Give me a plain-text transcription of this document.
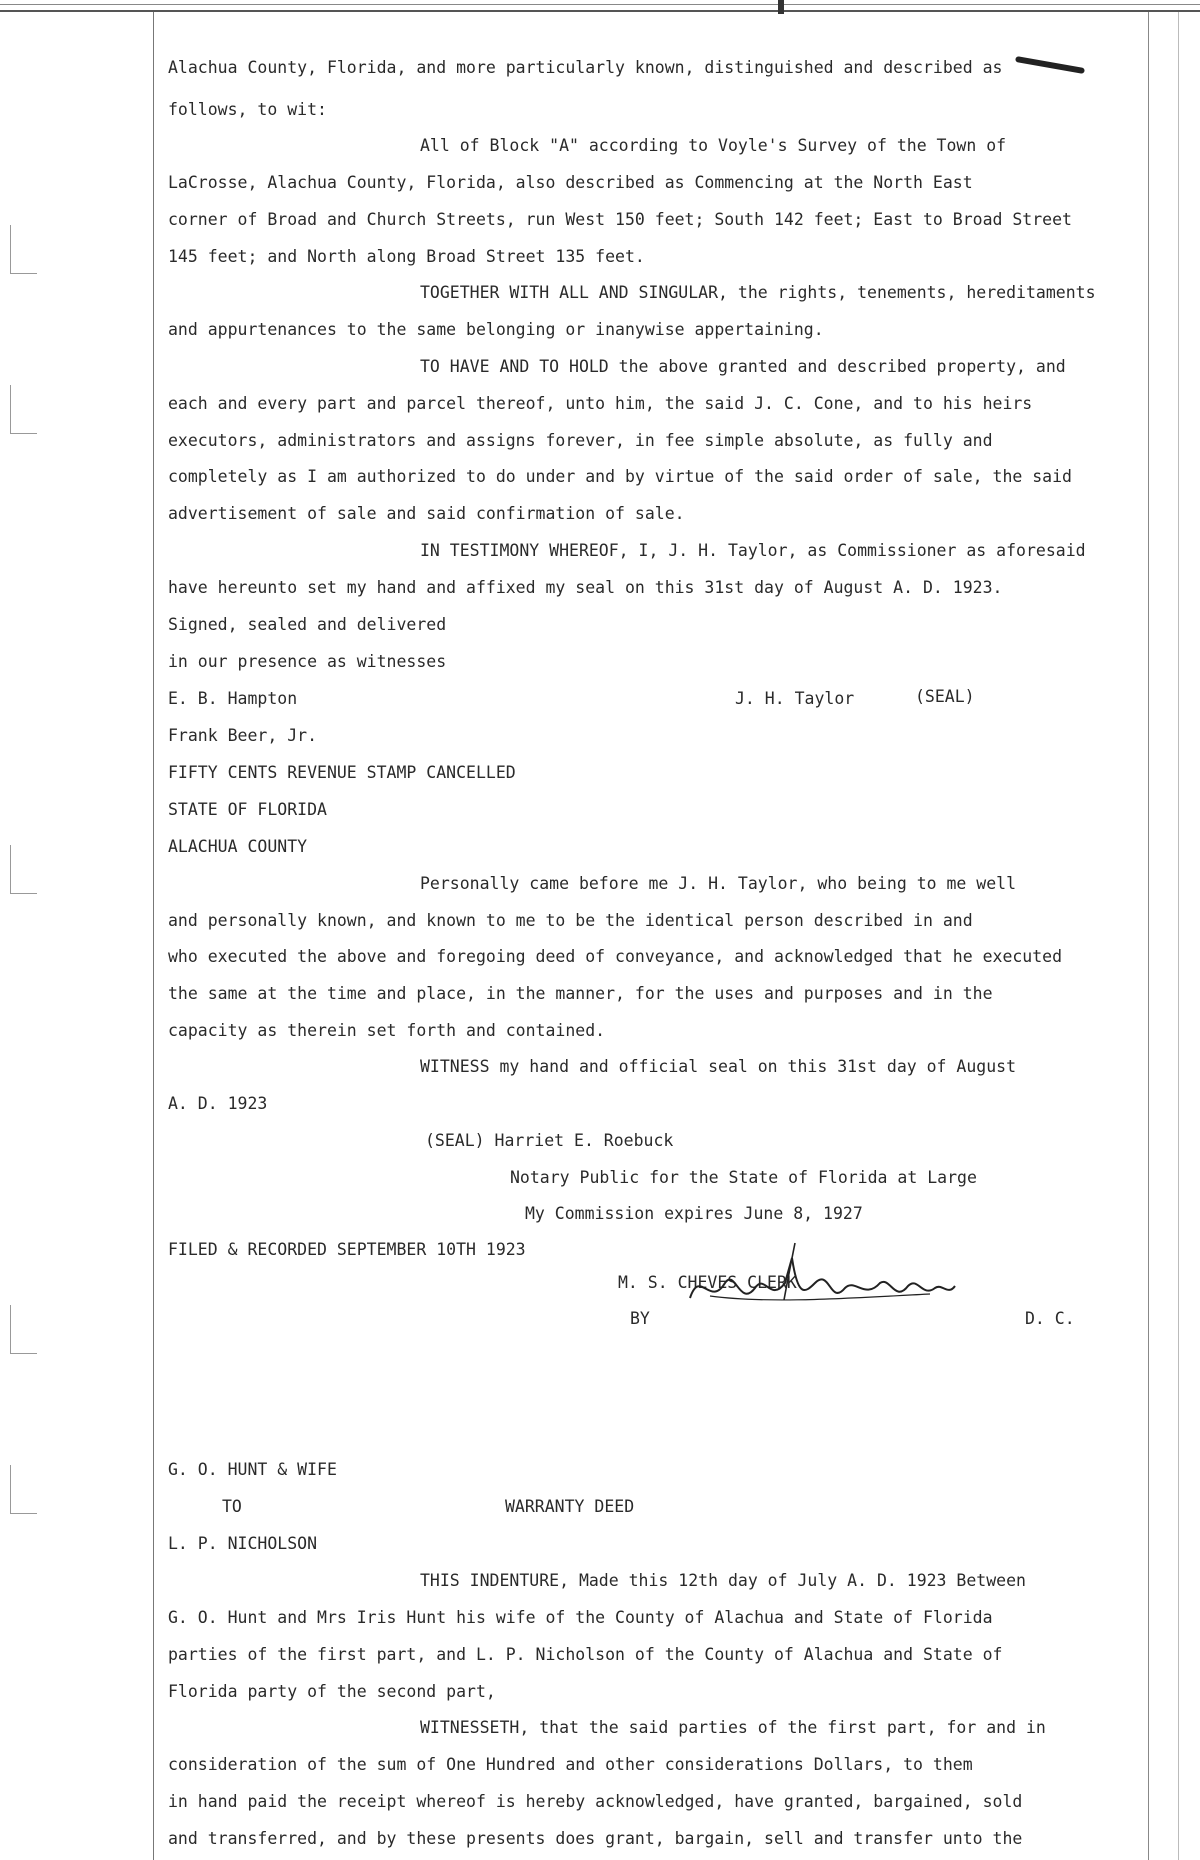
Alachua County, Florida, and more particularly known, distinguished and described as
follows, to wit:
All of Block "A" according to Voyle's Survey of the Town of
LaCrosse, Alachua County, Florida, also described as Commencing at the North East
corner of Broad and Church Streets, run West 150 feet; South 142 feet; East to Broad Street
145 feet; and North along Broad Street 135 feet.
TOGETHER WITH ALL AND SINGULAR, the rights, tenements, hereditaments
and appurtenances to the same belonging or inanywise appertaining.
TO HAVE AND TO HOLD the above granted and described property, and
each and every part and parcel thereof, unto him, the said J. C. Cone, and to his heirs
executors, administrators and assigns forever, in fee simple absolute, as fully and
completely as I am authorized to do under and by virtue of the said order of sale, the said
advertisement of sale and said confirmation of sale.
IN TESTIMONY WHEREOF, I, J. H. Taylor, as Commissioner as aforesaid
have hereunto set my hand and affixed my seal on this 31st day of August A. D. 1923.
Signed, sealed and delivered
in our presence as witnesses
E. B. Hampton	J. H. Taylor	(SEAL)
Frank Beer, Jr.
FIFTY CENTS REVENUE STAMP CANCELLED
STATE OF FLORIDA
ALACHUA COUNTY
Personally came before me J. H. Taylor, who being to me well
and personally known, and known to me to be the identical person described in and
who executed the above and foregoing deed of conveyance, and acknowledged that he executed
the same at the time and place, in the manner, for the uses and purposes and in the
capacity as therein set forth and contained.
WITNESS my hand and official seal on this 31st day of August
A. D. 1923
(SEAL) Harriet E. Roebuck
Notary Public for the State of Florida at Large
My Commission expires June 8, 1927
FILED & RECORDED SEPTEMBER 10TH 1923
M. S. CHEVES CLERK
BY	D. C.
G. O. HUNT & WIFE
TO	WARRANTY DEED
L. P. NICHOLSON
THIS INDENTURE, Made this 12th day of July A. D. 1923 Between
G. O. Hunt and Mrs Iris Hunt his wife of the County of Alachua and State of Florida
parties of the first part, and L. P. Nicholson of the County of Alachua and State of
Florida party of the second part,
WITNESSETH, that the said parties of the first part, for and in
consideration of the sum of One Hundred and other considerations Dollars, to them
in hand paid the receipt whereof is hereby acknowledged, have granted, bargained, sold
and transferred, and by these presents does grant, bargain, sell and transfer unto the
